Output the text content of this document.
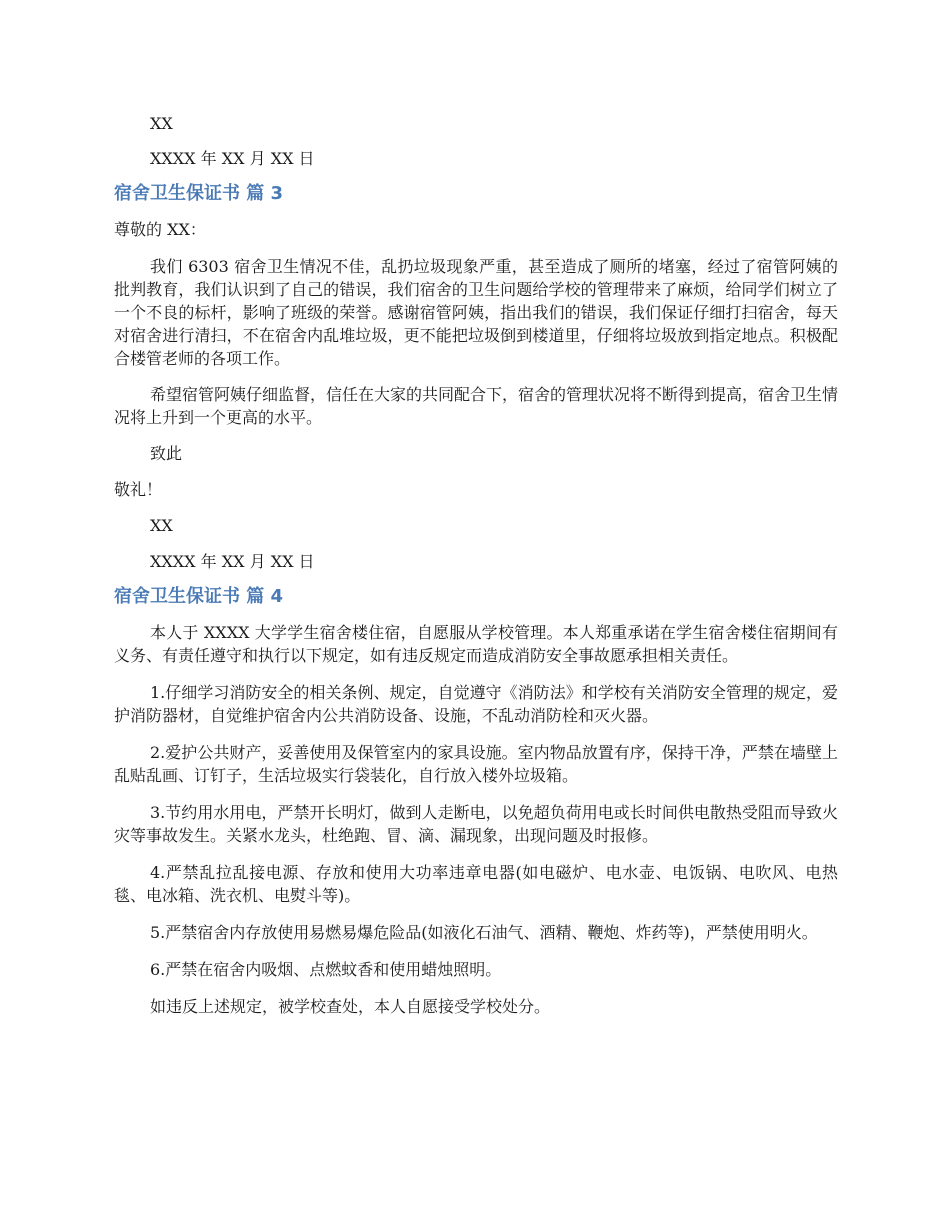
XX

XXXX 年 XX 月 XX 日

宿舍卫生保证书 篇 3

尊敬的 XX：

我们 6303 宿舍卫生情况不佳，乱扔垃圾现象严重，甚至造成了厕所的堵塞，经过了宿管阿姨的批判教育，我们认识到了自己的错误，我们宿舍的卫生问题给学校的管理带来了麻烦，给同学们树立了一个不良的标杆，影响了班级的荣誉。感谢宿管阿姨，指出我们的错误，我们保证仔细打扫宿舍，每天对宿舍进行清扫，不在宿舍内乱堆垃圾，更不能把垃圾倒到楼道里，仔细将垃圾放到指定地点。积极配合楼管老师的各项工作。

希望宿管阿姨仔细监督，信任在大家的共同配合下，宿舍的管理状况将不断得到提高，宿舍卫生情况将上升到一个更高的水平。

致此

敬礼！

XX

XXXX 年 XX 月 XX 日

宿舍卫生保证书 篇 4

本人于 XXXX 大学学生宿舍楼住宿，自愿服从学校管理。本人郑重承诺在学生宿舍楼住宿期间有义务、有责任遵守和执行以下规定，如有违反规定而造成消防安全事故愿承担相关责任。

1.仔细学习消防安全的相关条例、规定，自觉遵守《消防法》和学校有关消防安全管理的规定，爱护消防器材，自觉维护宿舍内公共消防设备、设施，不乱动消防栓和灭火器。

2.爱护公共财产，妥善使用及保管室内的家具设施。室内物品放置有序，保持干净，严禁在墙壁上乱贴乱画、订钉子，生活垃圾实行袋装化，自行放入楼外垃圾箱。

3.节约用水用电，严禁开长明灯，做到人走断电，以免超负荷用电或长时间供电散热受阻而导致火灾等事故发生。关紧水龙头，杜绝跑、冒、滴、漏现象，出现问题及时报修。

4.严禁乱拉乱接电源、存放和使用大功率违章电器(如电磁炉、电水壶、电饭锅、电吹风、电热毯、电冰箱、洗衣机、电熨斗等)。

5.严禁宿舍内存放使用易燃易爆危险品(如液化石油气、酒精、鞭炮、炸药等)，严禁使用明火。

6.严禁在宿舍内吸烟、点燃蚊香和使用蜡烛照明。

如违反上述规定，被学校查处，本人自愿接受学校处分。
